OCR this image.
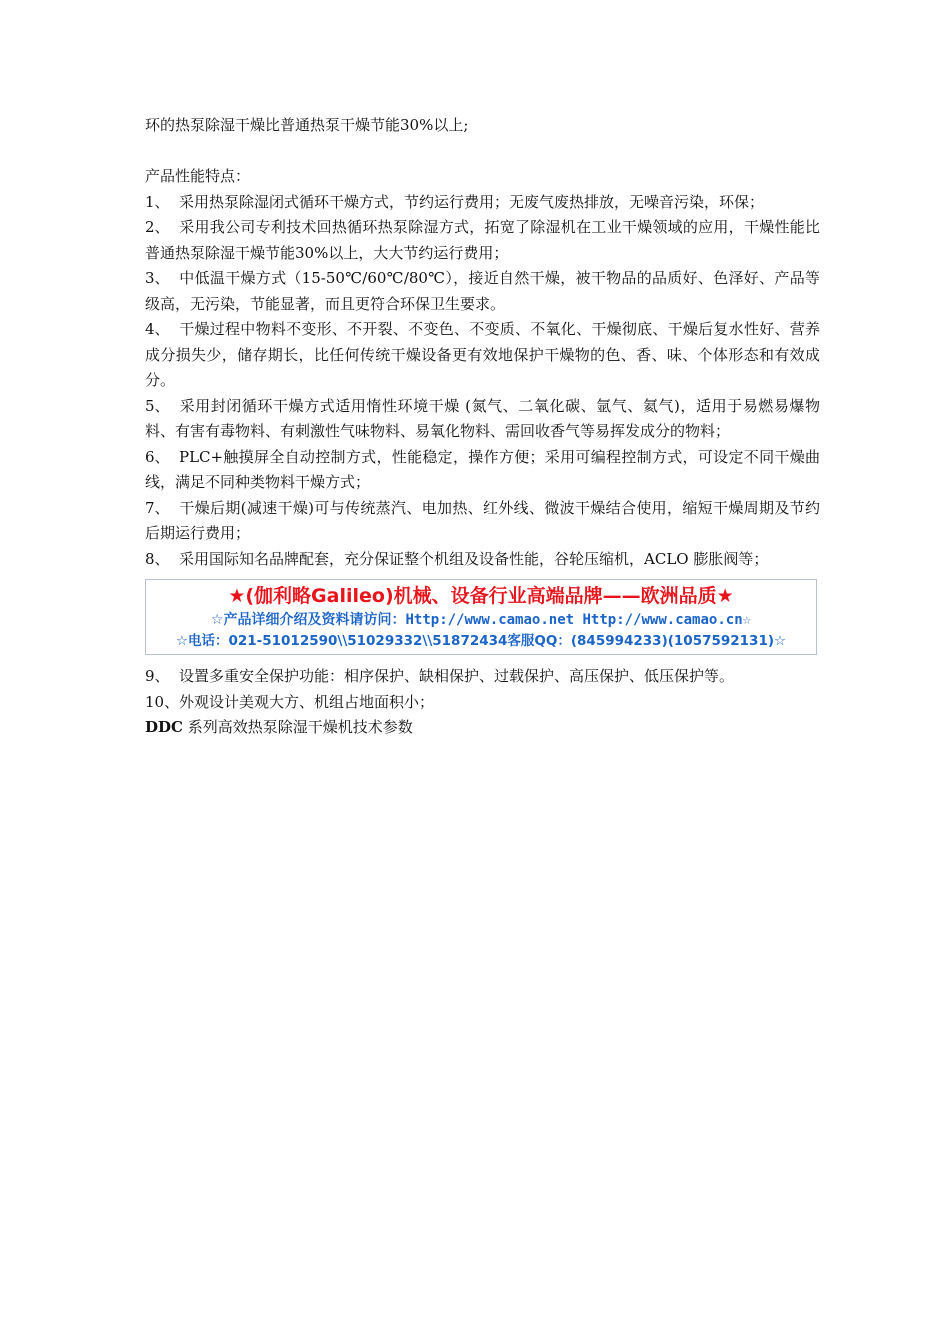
环的热泵除湿干燥比普通热泵干燥节能30%以上;
产品性能特点：
1、 采用热泵除湿闭式循环干燥方式，节约运行费用；无废气废热排放，无噪音污染，环保；
2、 采用我公司专利技术回热循环热泵除湿方式，拓宽了除湿机在工业干燥领域的应用，干燥性能比普通热泵除湿干燥节能30%以上，大大节约运行费用；
3、 中低温干燥方式（15-50℃/60℃/80℃），接近自然干燥，被干物品的品质好、色泽好、产品等级高，无污染，节能显著，而且更符合环保卫生要求。
4、 干燥过程中物料不变形、不开裂、不变色、不变质、不氧化、干燥彻底、干燥后复水性好、营养成分损失少，储存期长，比任何传统干燥设备更有效地保护干燥物的色、香、味、个体形态和有效成分。
5、 采用封闭循环干燥方式适用惰性环境干燥 (氮气、二氧化碳、氩气、氦气)，适用于易燃易爆物料、有害有毒物料、有刺激性气味物料、易氧化物料、需回收香气等易挥发成分的物料；
6、 PLC+触摸屏全自动控制方式，性能稳定，操作方便；采用可编程控制方式，可设定不同干燥曲线，满足不同种类物料干燥方式；
7、 干燥后期(减速干燥)可与传统蒸汽、电加热、红外线、微波干燥结合使用，缩短干燥周期及节约后期运行费用；
8、 采用国际知名品牌配套，充分保证整个机组及设备性能，谷轮压缩机，ACLO 膨胀阀等；
★(伽利略Galileo)机械、设备行业高端品牌——欧洲品质★
☆产品详细介绍及资料请访问：Http://www.camao.net Http://www.camao.cn☆
☆电话：021-51012590\\51029332\\51872434客服QQ：(845994233)(1057592131)☆
9、 设置多重安全保护功能：相序保护、缺相保护、过载保护、高压保护、低压保护等。
10、外观设计美观大方、机组占地面积小；
DDC 系列高效热泵除湿干燥机技术参数
